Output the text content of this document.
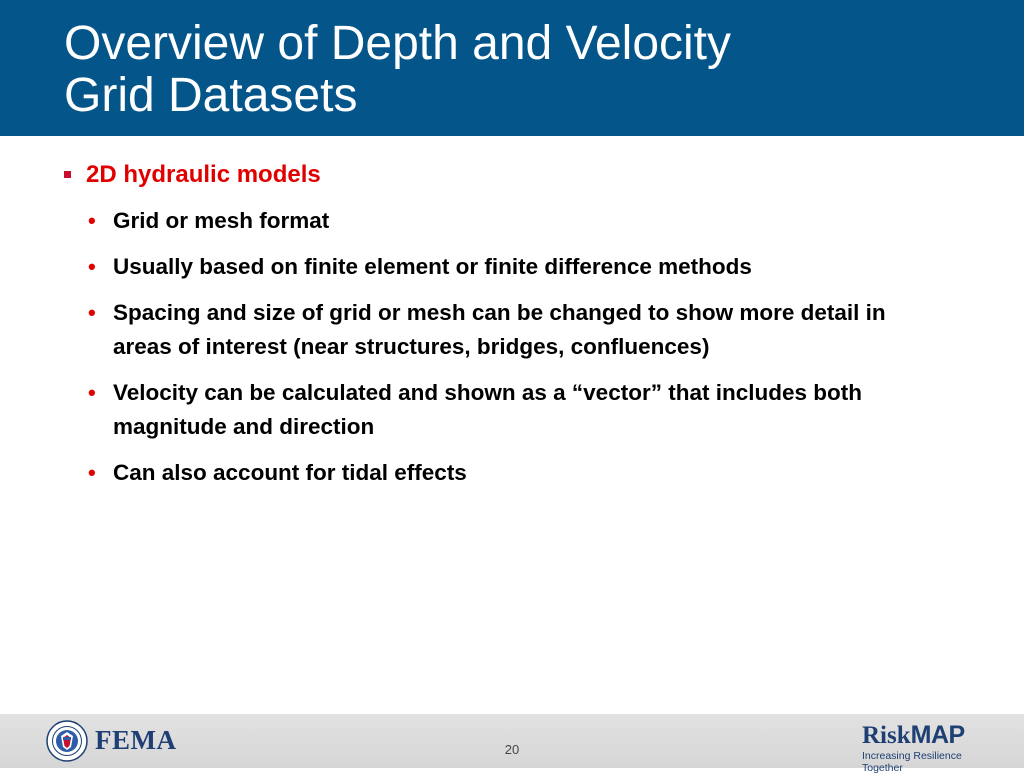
Overview of Depth and Velocity
Grid Datasets
2D hydraulic models
• Grid or mesh format
• Usually based on finite element or finite difference methods
• Spacing and size of grid or mesh can be changed to show more detail in areas of interest (near structures, bridges, confluences)
• Velocity can be calculated and shown as a “vector” that includes both magnitude and direction
• Can also account for tidal effects
FEMA	20
RiskMAP
Increasing Resilience Together
